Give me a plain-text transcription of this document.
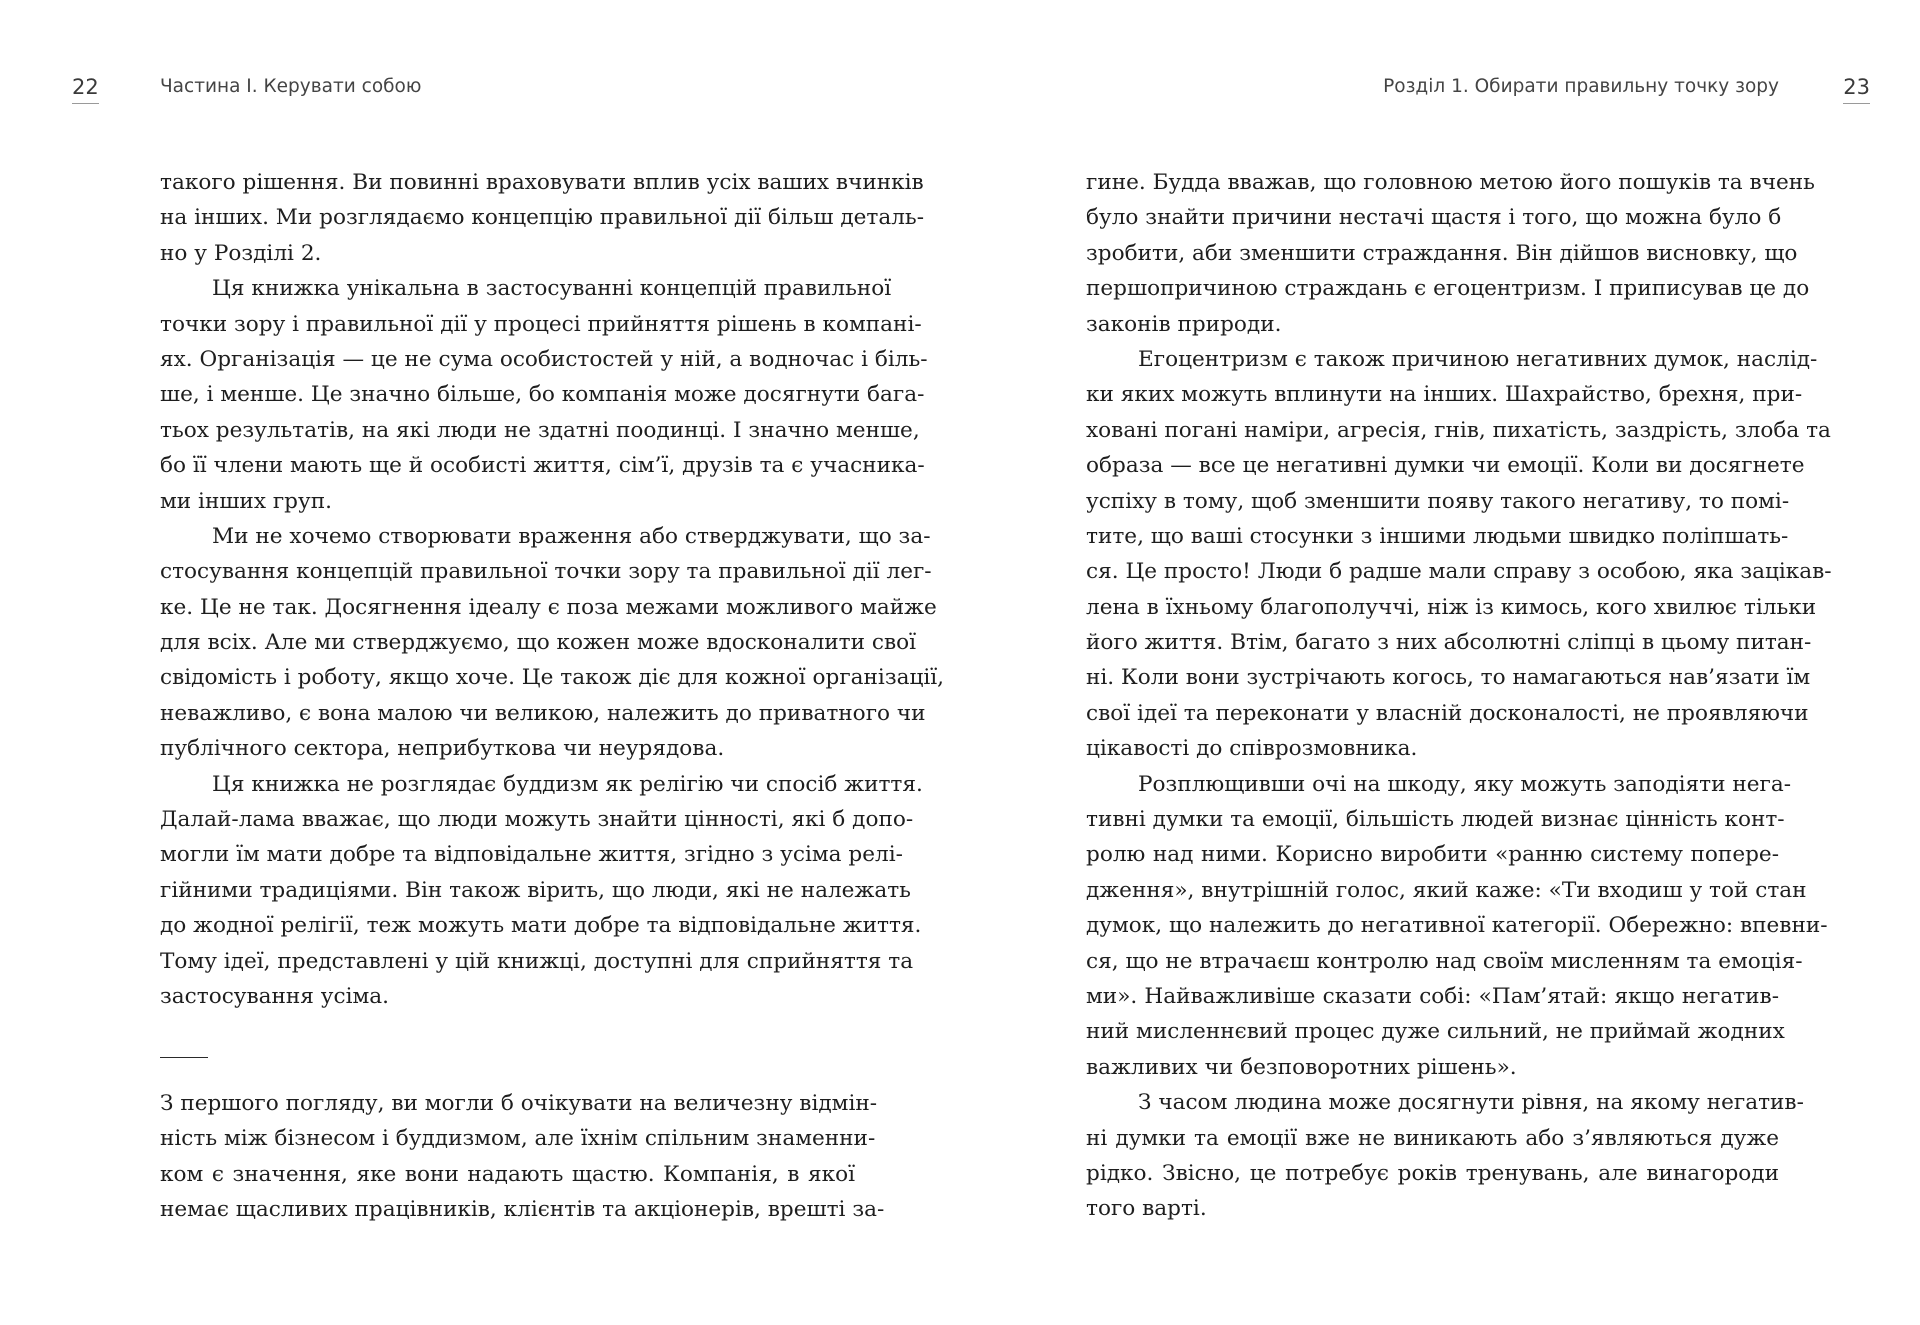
22	Частина І. Керувати собою	Розділ 1. Обирати правильну точку зору	23
такого рішення. Ви повинні враховувати вплив усіх ваших вчинків
на інших. Ми розглядаємо концепцію правильної дії більш деталь-
но у Розділі 2.
Ця книжка унікальна в застосуванні концепцій правильної
точки зору і правильної дії у процесі прийняття рішень в компані-
ях. Організація — це не сума особистостей у ній, а водночас і біль-
ше, і менше. Це значно більше, бо компанія може досягнути бага-
тьох результатів, на які люди не здатні поодинці. І значно менше,
бо її члени мають ще й особисті життя, сім’ї, друзів та є учасника-
ми інших груп.
Ми не хочемо створювати враження або стверджувати, що за-
стосування концепцій правильної точки зору та правильної дії лег-
ке. Це не так. Досягнення ідеалу є поза межами можливого майже
для всіх. Але ми стверджуємо, що кожен може вдосконалити свої
свідомість і роботу, якщо хоче. Це також діє для кожної організації,
неважливо, є вона малою чи великою, належить до приватного чи
публічного сектора, неприбуткова чи неурядова.
Ця книжка не розглядає буддизм як релігію чи спосіб життя.
Далай-лама вважає, що люди можуть знайти цінності, які б допо-
могли їм мати добре та відповідальне життя, згідно з усіма релі-
гійними традиціями. Він також вірить, що люди, які не належать
до жодної релігії, теж можуть мати добре та відповідальне життя.
Тому ідеї, представлені у цій книжці, доступні для сприйняття та
застосування усіма.
З першого погляду, ви могли б очікувати на величезну відмін-
ність між бізнесом і буддизмом, але їхнім спільним знаменни-
ком є значення, яке вони надають щастю. Компанія, в якої
немає щасливих працівників, клієнтів та акціонерів, врешті за-
гине. Будда вважав, що головною метою його пошуків та вчень
було знайти причини нестачі щастя і того, що можна було б
зробити, аби зменшити страждання. Він дійшов висновку, що
першопричиною страждань є егоцентризм. І приписував це до
законів природи.
Егоцентризм є також причиною негативних думок, наслід-
ки яких можуть вплинути на інших. Шахрайство, брехня, при-
ховані погані наміри, агресія, гнів, пихатість, заздрість, злоба та
образа — все це негативні думки чи емоції. Коли ви досягнете
успіху в тому, щоб зменшити появу такого негативу, то помі-
тите, що ваші стосунки з іншими людьми швидко поліпшать-
ся. Це просто! Люди б радше мали справу з особою, яка зацікав-
лена в їхньому благополуччі, ніж із кимось, кого хвилює тільки
його життя. Втім, багато з них абсолютні сліпці в цьому питан-
ні. Коли вони зустрічають когось, то намагаються нав’язати їм
свої ідеї та переконати у власній досконалості, не проявляючи
цікавості до співрозмовника.
Розплющивши очі на шкоду, яку можуть заподіяти нега-
тивні думки та емоції, більшість людей визнає цінність конт-
ролю над ними. Корисно виробити «ранню систему попере-
дження», внутрішній голос, який каже: «Ти входиш у той стан
думок, що належить до негативної категорії. Обережно: впевни-
ся, що не втрачаєш контролю над своїм мисленням та емоція-
ми». Найважливіше сказати собі: «Пам’ятай: якщо негатив-
ний мисленнєвий процес дуже сильний, не приймай жодних
важливих чи безповоротних рішень».
З часом людина може досягнути рівня, на якому негатив-
ні думки та емоції вже не виникають або з’являються дуже
рідко. Звісно, це потребує років тренувань, але винагороди
того варті.
